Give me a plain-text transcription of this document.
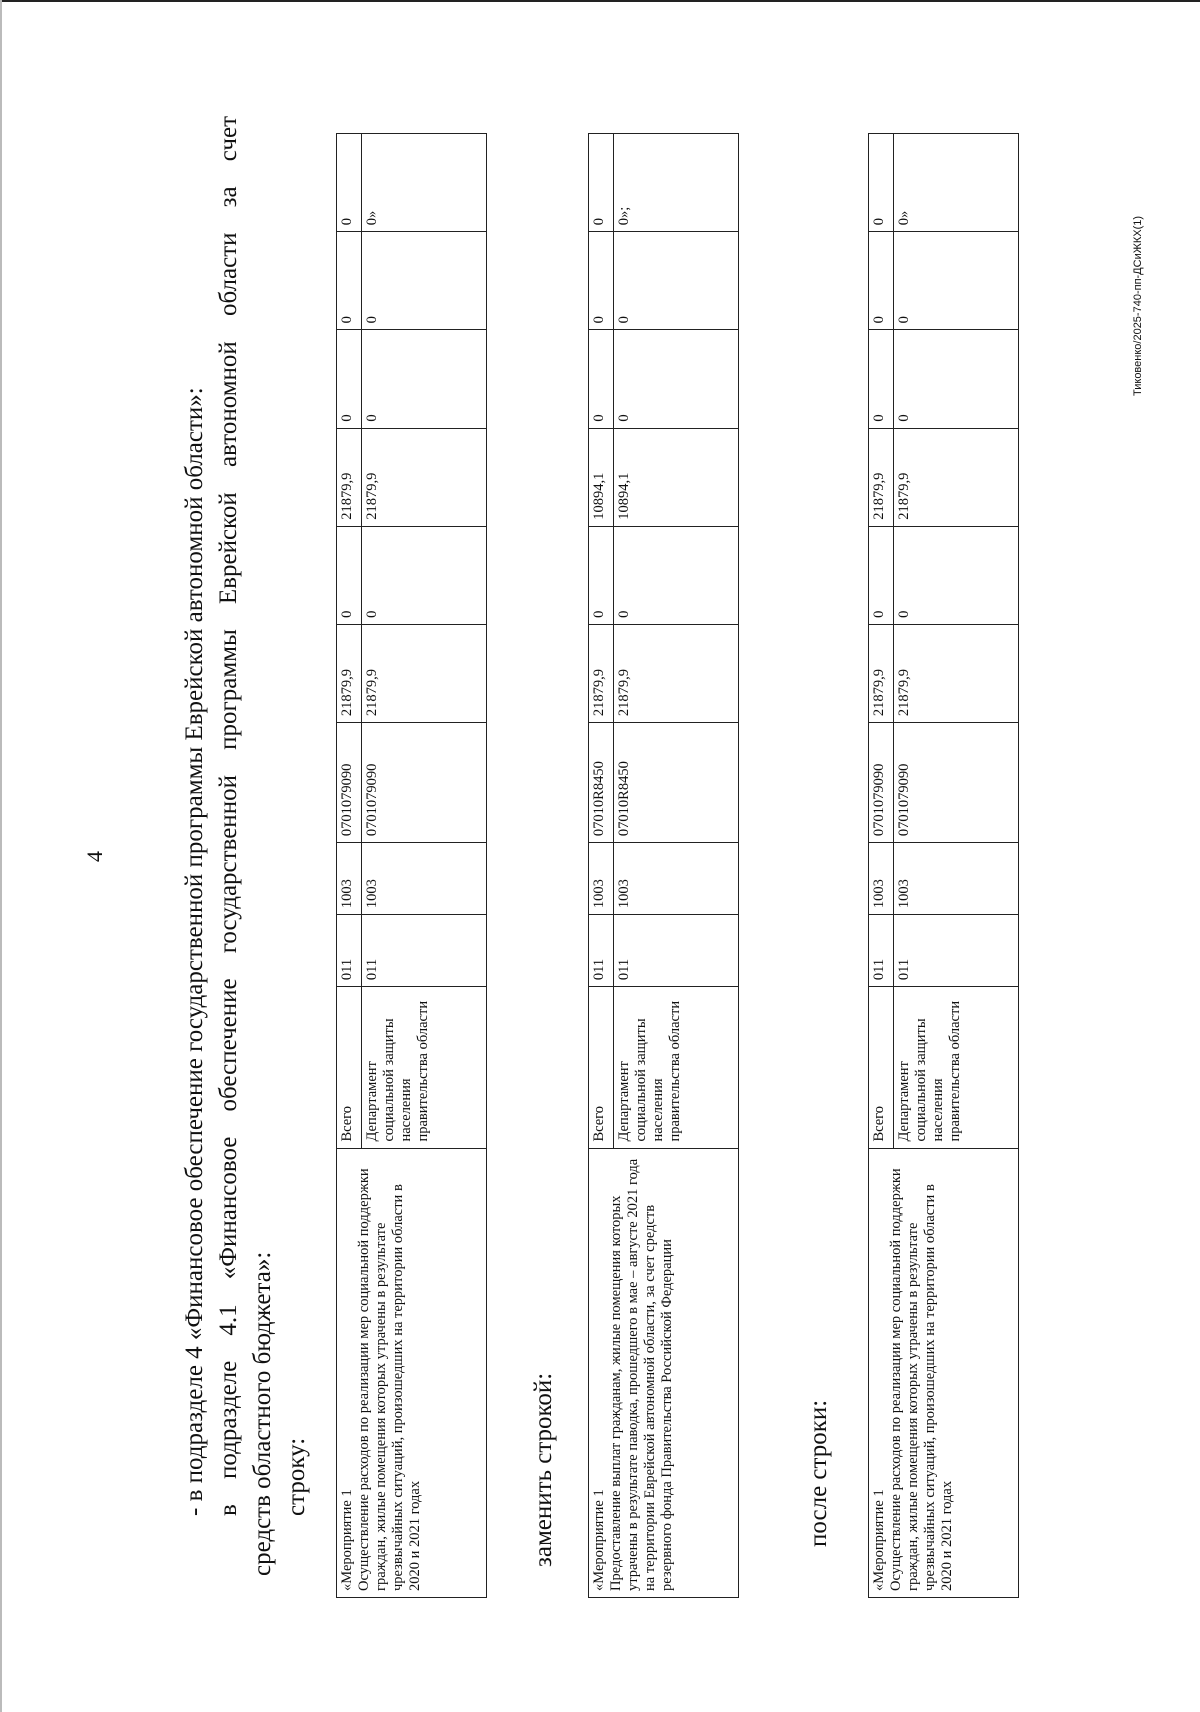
4	- в подразделе 4 «Финансовое обеспечение государственной программы Еврейской автономной области»: в подразделе 4.1 «Финансовое обеспечение государственной программы Еврейской автономной области за счет средств областного бюджета»: строку:
«Мероприятие 1 Осуществление расходов по реализации мер социальной поддержки граждан, жилые помещения которых утрачены в результате чрезвычайных ситуаций, произошедших на территории области в 2020 и 2021 годах	Всего	011	1003	0701079090	21879,9	0	21879,9	0	0	0
	Департамент социальной защиты населения правительства области	011	1003	0701079090	21879,9	0	21879,9	0	0	0»
заменить строкой: «Мероприятие 1 Предоставление выплат гражданам, жилые помещения которых утрачены в результате паводка, прошедшего в мае – августе 2021 года на территории Еврейской автономной области, за счет средств резервного фонда Правительства Российской Федерации	Всего	011	1003	07010R8450	21879,9	0	10894,1	0	0	0
	Департамент социальной защиты населения правительства области	011	1003	07010R8450	21879,9	0	10894,1	0	0	0»;
после строки:	«Мероприятие 1 Осуществление расходов по реализации мер социальной поддержки граждан, жилые помещения которых утрачены в результате чрезвычайных ситуаций, произошедших на территории области в 2020 и 2021 годах	Всего	011	1003	0701079090	21879,9	0	21879,9	0	0	0
	Департамент социальной защиты населения правительства области	011	1003	0701079090	21879,9	0	21879,9	0	0	0»	Тиковенко/2025-740-пп-ДСиЖКХ(1)
